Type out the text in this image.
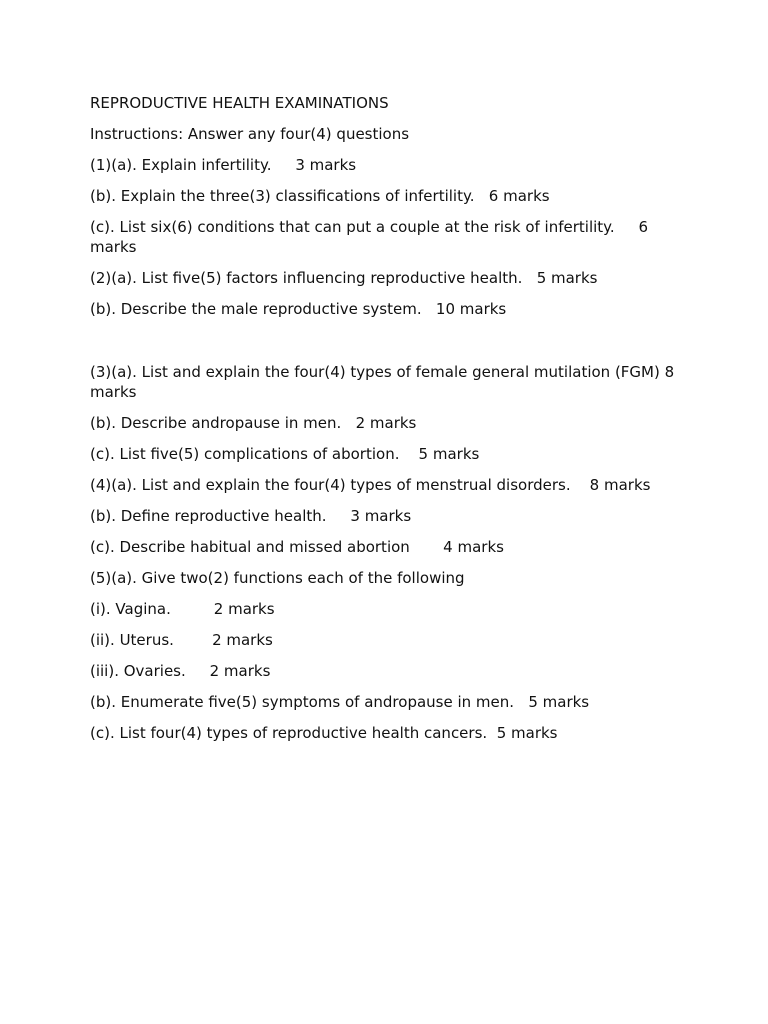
REPRODUCTIVE HEALTH EXAMINATIONS
Instructions: Answer any four(4) questions
(1)(a). Explain infertility.     3 marks
(b). Explain the three(3) classifications of infertility.   6 marks
(c). List six(6) conditions that can put a couple at the risk of infertility.     6 marks
(2)(a). List five(5) factors influencing reproductive health.   5 marks
(b). Describe the male reproductive system.   10 marks
(3)(a). List and explain the four(4) types of female general mutilation (FGM) 8 marks
(b). Describe andropause in men.   2 marks
(c). List five(5) complications of abortion.    5 marks
(4)(a). List and explain the four(4) types of menstrual disorders.    8 marks
(b). Define reproductive health.     3 marks
(c). Describe habitual and missed abortion       4 marks
(5)(a). Give two(2) functions each of the following
(i). Vagina.         2 marks
(ii). Uterus.        2 marks
(iii). Ovaries.     2 marks
(b). Enumerate five(5) symptoms of andropause in men.   5 marks
(c). List four(4) types of reproductive health cancers.  5 marks
